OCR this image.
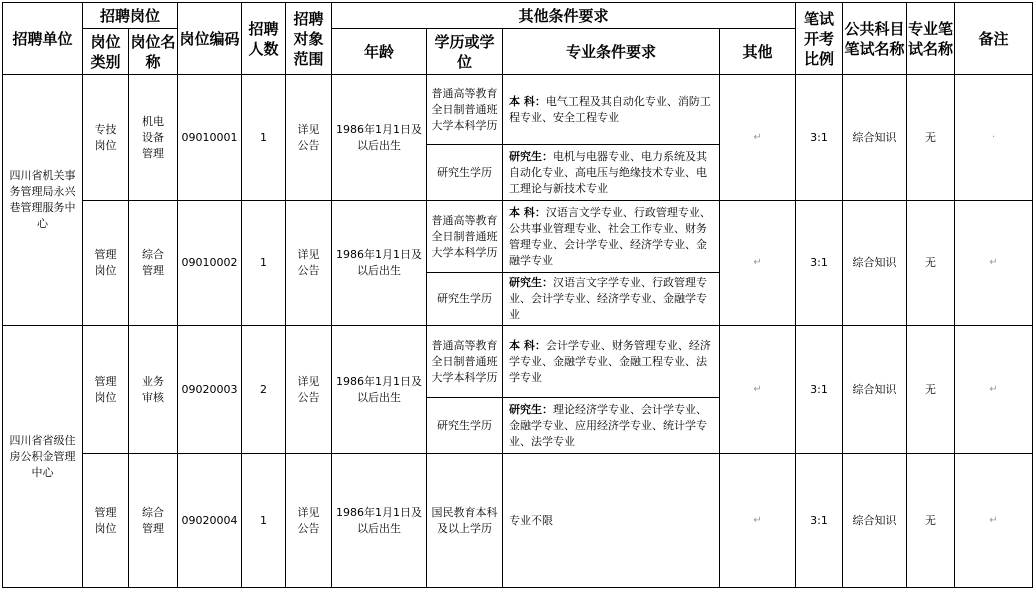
招聘单位	招聘岗位		岗位编码	招聘人数	招聘对象范围	其他条件要求				笔试开考比例	公共科目笔试名称	专业笔试名称	备注
	岗位类别	岗位名称				年龄	学历或学位	专业条件要求	其他				
四川省机关事务管理局永兴巷管理服务中心	专技岗位	机电设备管理	09010001	1	详见公告	1986年1月1日及以后出生	普通高等教育全日制普通班大学本科学历	本 科：电气工程及其自动化专业、消防工程专业、安全工程专业	↵	3:1	综合知识	无	·
							研究生学历	研究生：电机与电器专业、电力系统及其自动化专业、高电压与绝缘技术专业、电工理论与新技术专业					
	管理岗位	综合管理	09010002	1	详见公告	1986年1月1日及以后出生	普通高等教育全日制普通班大学本科学历	本 科：汉语言文学专业、行政管理专业、公共事业管理专业、社会工作专业、财务管理专业、会计学专业、经济学专业、金融学专业	↵	3:1	综合知识	无	↵
							研究生学历	研究生：汉语言文字学专业、行政管理专业、会计学专业、经济学专业、金融学专业					
四川省省级住房公积金管理中心	管理岗位	业务审核	09020003	2	详见公告	1986年1月1日及以后出生	普通高等教育全日制普通班大学本科学历	本 科：会计学专业、财务管理专业、经济学专业、金融学专业、金融工程专业、法学专业	↵	3:1	综合知识	无	↵
							研究生学历	研究生：理论经济学专业、会计学专业、金融学专业、应用经济学专业、统计学专业、法学专业					
	管理岗位	综合管理	09020004	1	详见公告	1986年1月1日及以后出生	国民教育本科及以上学历	专业不限	↵	3:1	综合知识	无	↵
